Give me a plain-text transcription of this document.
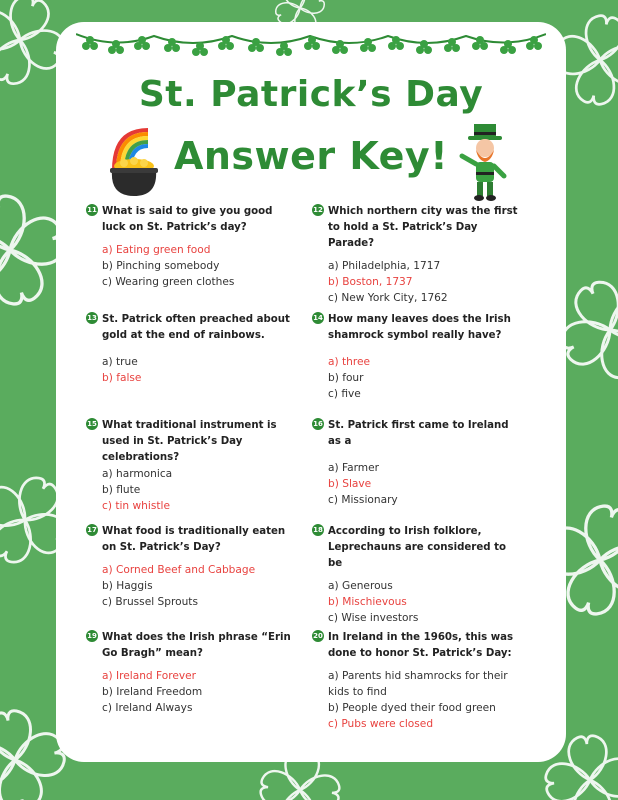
St. Patrick’s Day
Answer Key!
11 What is said to give you good luck on St. Patrick’s day?
a) Eating green food
b) Pinching somebody
c) Wearing green clothes
12 Which northern city was the first to hold a St. Patrick’s Day Parade?
a) Philadelphia, 1717
b) Boston, 1737
c) New York City, 1762
13 St. Patrick often preached about gold at the end of rainbows.
a) true
b) false
14 How many leaves does the Irish shamrock symbol really have?
a) three
b) four
c) five
15 What traditional instrument is used in St. Patrick’s Day celebrations?
a) harmonica
b) flute
c) tin whistle
16 St. Patrick first came to Ireland as a
a) Farmer
b) Slave
c) Missionary
17 What food is traditionally eaten on St. Patrick’s Day?
a) Corned Beef and Cabbage
b) Haggis
c) Brussel Sprouts
18 According to Irish folklore, Leprechauns are considered to be
a) Generous
b) Mischievous
c) Wise investors
19 What does the Irish phrase “Erin Go Bragh” mean?
a) Ireland Forever
b) Ireland Freedom
c) Ireland Always
20 In Ireland in the 1960s, this was done to honor St. Patrick’s Day:
a) Parents hid shamrocks for their kids to find
b) People dyed their food green
c) Pubs were closed
